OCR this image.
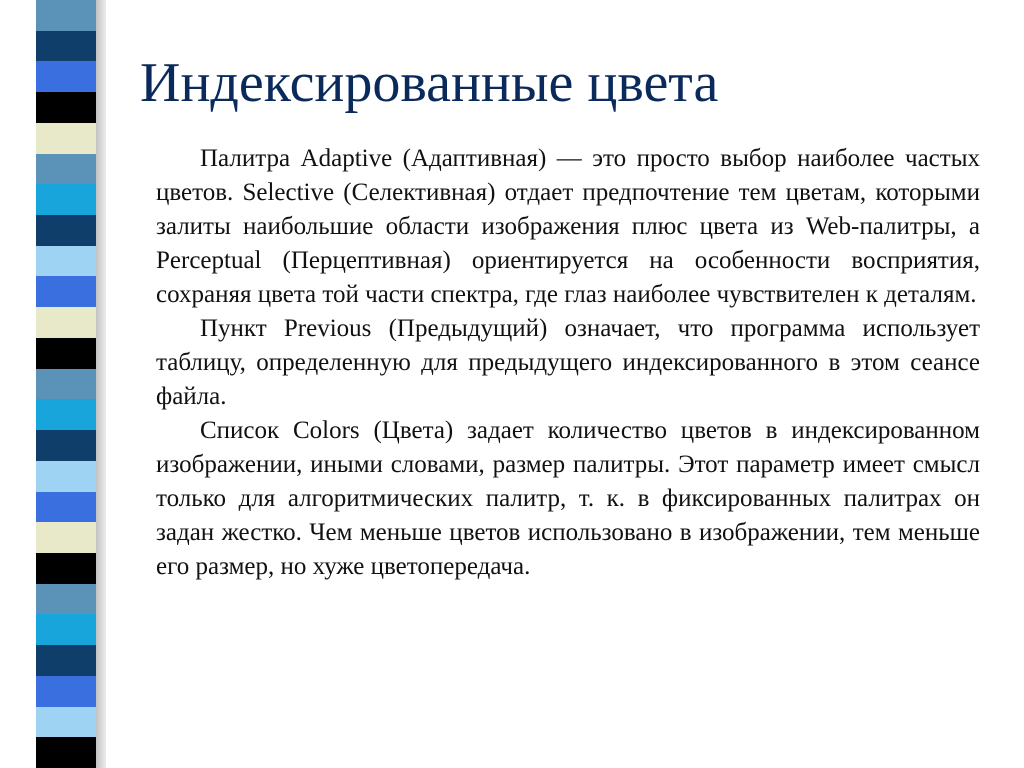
Индексированные цвета

Палитра Adaptive (Адаптивная) — это просто выбор наиболее частых цветов. Selective (Селективная) отдает предпочтение тем цветам, которыми залиты наибольшие области изображения плюс цвета из Web-палитры, а Perceptual (Перцептивная) ориентируется на особенности восприятия, сохраняя цвета той части спектра, где глаз наиболее чувствителен к деталям.

Пункт Previous (Предыдущий) означает, что программа использует таблицу, определенную для предыдущего индексированного в этом сеансе файла.

Список Colors (Цвета) задает количество цветов в индексированном изображении, иными словами, размер палитры. Этот параметр имеет смысл только для алгоритмических палитр, т. к. в фиксированных палитрах он задан жестко. Чем меньше цветов использовано в изображении, тем меньше его размер, но хуже цветопередача.
